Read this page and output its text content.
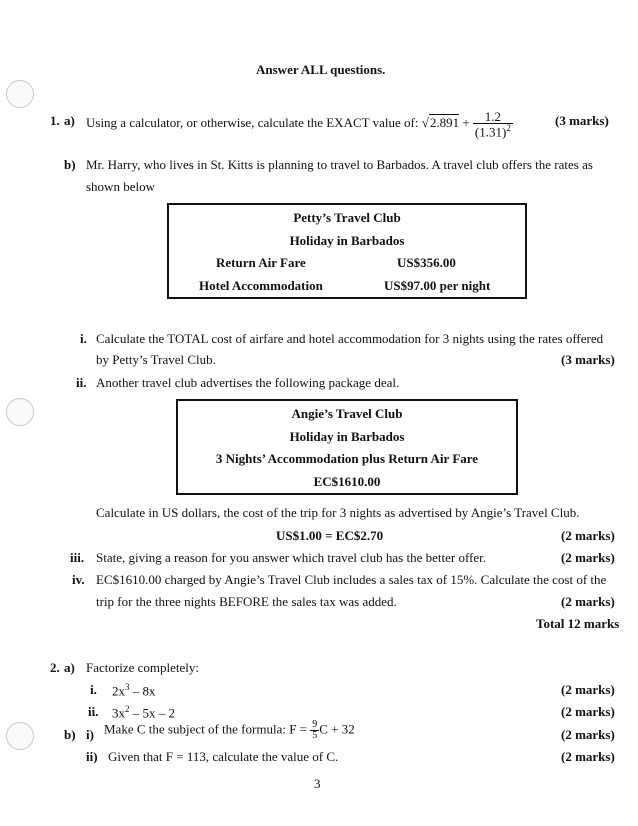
Answer ALL questions.
1. a) Using a calculator, or otherwise, calculate the EXACT value of: $√2.891 + \frac{1.2}{(1.31)^2}$	(3 marks)
b) Mr. Harry, who lives in St. Kitts is planning to travel to Barbados. A travel club offers the rates as
shown below
Petty’s Travel Club
Holiday in Barbados
Return Air Fare	US$356.00
Hotel Accommodation	US$97.00 per night
i. Calculate the TOTAL cost of airfare and hotel accommodation for 3 nights using the rates offered
by Petty’s Travel Club.	(3 marks)
ii. Another travel club advertises the following package deal.
Angie’s Travel Club
Holiday in Barbados
3 Nights’ Accommodation plus Return Air Fare
EC$1610.00
Calculate in US dollars, the cost of the trip for 3 nights as advertised by Angie’s Travel Club.
US$1.00 = EC$2.70	(2 marks)
iii. State, giving a reason for you answer which travel club has the better offer.	(2 marks)
iv. EC$1610.00 charged by Angie’s Travel Club includes a sales tax of 15%. Calculate the cost of the
trip for the three nights BEFORE the sales tax was added.	(2 marks)
Total 12 marks
2. a) Factorize completely:
i. $2x^3 - 8x$	(2 marks)
ii. $3x^2 - 5x - 2$	(2 marks)
b) i) Make C the subject of the formula: $F = \frac{9}{5}$ C + 32	(2 marks)
ii) Given that F = 113, calculate the value of C.	(2 marks)
3
